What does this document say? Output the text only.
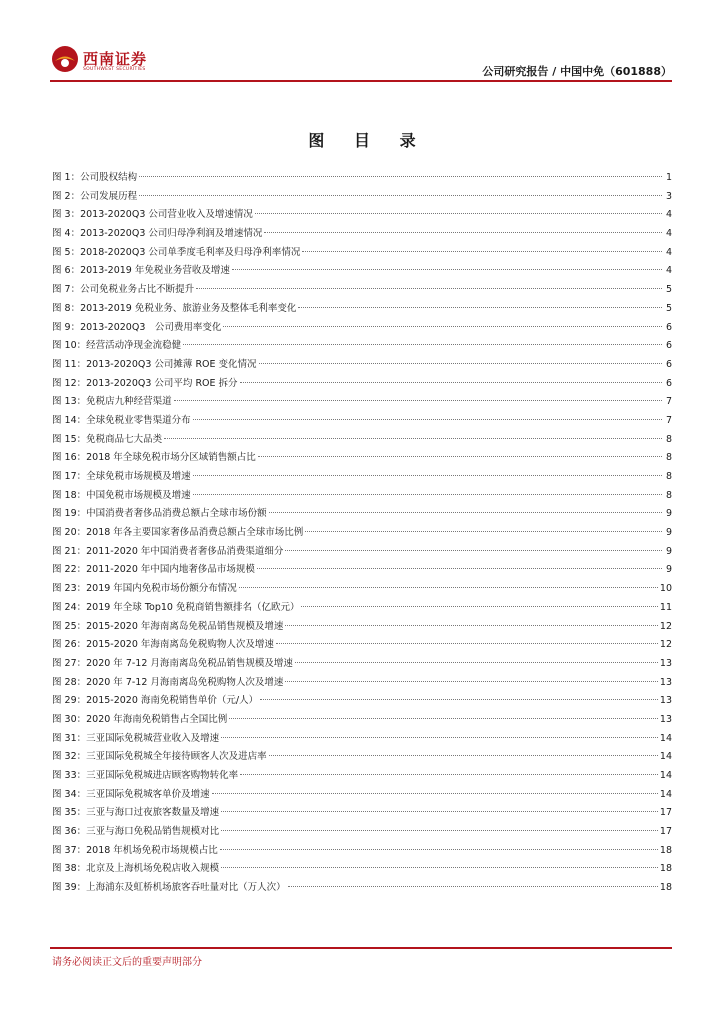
西南证券
SOUTHWEST SECURITIES	公司研究报告 / 中国中免（601888）
图 目 录
图 1：公司股权结构	1
图 2：公司发展历程	3
图 3：2013-2020Q3 公司营业收入及增速情况	4
图 4：2013-2020Q3 公司归母净利润及增速情况	4
图 5：2018-2020Q3 公司单季度毛利率及归母净利率情况	4
图 6：2013-2019 年免税业务营收及增速	4
图 7：公司免税业务占比不断提升	5
图 8：2013-2019 免税业务、旅游业务及整体毛利率变化	5
图 9：2013-2020Q3　公司费用率变化	6
图 10：经营活动净现金流稳健	6
图 11：2013-2020Q3 公司摊薄 ROE 变化情况	6
图 12：2013-2020Q3 公司平均 ROE 拆分	6
图 13：免税店九种经营渠道	7
图 14：全球免税业零售渠道分布	7
图 15：免税商品七大品类	8
图 16：2018 年全球免税市场分区域销售额占比	8
图 17：全球免税市场规模及增速	8
图 18：中国免税市场规模及增速	8
图 19：中国消费者奢侈品消费总额占全球市场份额	9
图 20：2018 年各主要国家奢侈品消费总额占全球市场比例	9
图 21：2011-2020 年中国消费者奢侈品消费渠道细分	9
图 22：2011-2020 年中国内地奢侈品市场规模	9
图 23：2019 年国内免税市场份额分布情况	10
图 24：2019 年全球 Top10 免税商销售额排名（亿欧元）	11
图 25：2015-2020 年海南离岛免税品销售规模及增速	12
图 26：2015-2020 年海南离岛免税购物人次及增速	12
图 27：2020 年 7-12 月海南离岛免税品销售规模及增速	13
图 28：2020 年 7-12 月海南离岛免税购物人次及增速	13
图 29：2015-2020 海南免税销售单价（元/人）	13
图 30：2020 年海南免税销售占全国比例	13
图 31：三亚国际免税城营业收入及增速	14
图 32：三亚国际免税城全年接待顾客人次及进店率	14
图 33：三亚国际免税城进店顾客购物转化率	14
图 34：三亚国际免税城客单价及增速	14
图 35：三亚与海口过夜旅客数量及增速	17
图 36：三亚与海口免税品销售规模对比	17
图 37：2018 年机场免税市场规模占比	18
图 38：北京及上海机场免税店收入规模	18
图 39：上海浦东及虹桥机场旅客吞吐量对比（万人次）	18
请务必阅读正文后的重要声明部分
